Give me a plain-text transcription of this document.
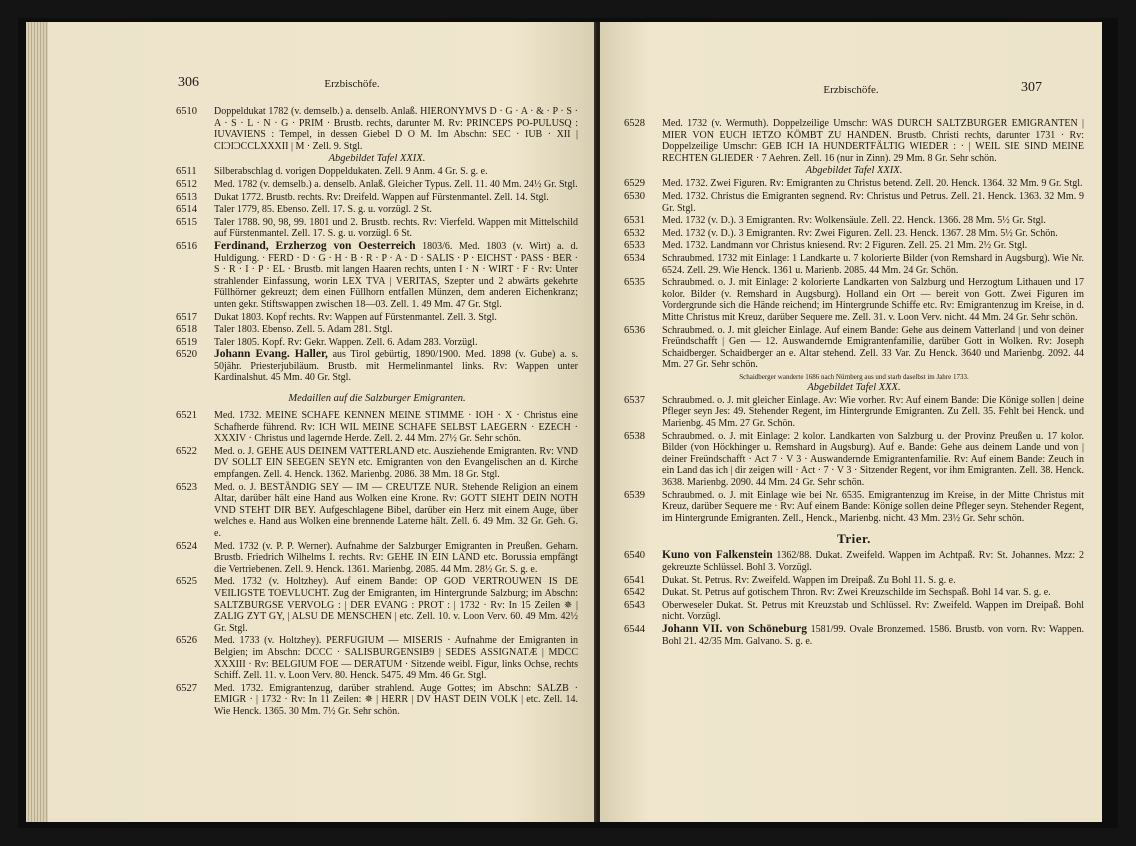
306	Erzbischöfe.
6510 Doppeldukat 1782 (v. demselb.) a. denselb. Anlaß. HIERONYMVS D · G · A · & · P · S · A · S · L · N · G · PRIM · Brustb. rechts, darunter M. Rv: PRINCEPS PO-PULUSQ : IUVAVIENS : Tempel, in dessen Giebel D O M. Im Abschn: SEC · IUB · XII | CIƆIƆCCLXXXII | M · Zell. 9. Stgl.
Abgebildet Tafel XXIX.
6511 Silberabschlag d. vorigen Doppeldukaten. Zell. 9 Anm. 4 Gr. S. g. e.
6512 Med. 1782 (v. demselb.) a. denselb. Anlaß. Gleicher Typus. Zell. 11. 40 Mm. 24½ Gr. Stgl.
6513 Dukat 1772. Brustb. rechts. Rv: Dreifeld. Wappen auf Fürstenmantel. Zell. 14. Stgl.
6514 Taler 1779, 85. Ebenso. Zell. 17. S. g. u. vorzügl. 2 St.
6515 Taler 1788. 90, 98, 99. 1801 und 2. Brustb. rechts. Rv: Vierfeld. Wappen mit Mittelschild auf Fürstenmantel. Zell. 17. S. g. u. vorzügl. 6 St.
6516 Ferdinand, Erzherzog von Oesterreich 1803/6. Med. 1803 (v. Wirt) a. d. Huldigung. · FERD · D · G · H · B · R · P · A · D · SALIS · P · EICHST · PASS · BER · S · R · I · P · EL · Brustb. mit langen Haaren rechts, unten I · N · WIRT · F · Rv: Unter strahlender Einfassung, worin LEX TVA | VERITAS, Szepter und 2 abwärts gekehrte Füllhörner gekreuzt; dem einen Füllhorn entfallen Münzen, dem anderen Eichenkranz; unten gekr. Stiftswappen zwischen 18—03. Zell. 1. 49 Mm. 47 Gr. Stgl.
6517 Dukat 1803. Kopf rechts. Rv: Wappen auf Fürstenmantel. Zell. 3. Stgl.
6518 Taler 1803. Ebenso. Zell. 5. Adam 281. Stgl.
6519 Taler 1805. Kopf. Rv: Gekr. Wappen. Zell. 6. Adam 283. Vorzügl.
6520 Johann Evang. Haller, aus Tirol gebürtig, 1890/1900. Med. 1898 (v. Gube) a. s. 50jähr. Priesterjubiläum. Brustb. mit Hermelinmantel links. Rv: Wappen unter Kardinalshut. 45 Mm. 40 Gr. Stgl.
Medaillen auf die Salzburger Emigranten.
6521 Med. 1732. MEINE SCHAFE KENNEN MEINE STIMME · IOH · X · Christus eine Schafherde führend. Rv: ICH WIL MEINE SCHAFE SELBST LAEGERN · EZECH · XXXIV · Christus und lagernde Herde. Zell. 2. 44 Mm. 27½ Gr. Sehr schön.
6522 Med. o. J. GEHE AUS DEINEM VATTERLAND etc. Ausziehende Emigranten. Rv: VND DV SOLLT EIN SEEGEN SEYN etc. Emigranten von den Evangelischen an d. Kirche empfangen. Zell. 4. Henck. 1362. Marienbg. 2086. 38 Mm. 18 Gr. Stgl.
6523 Med. o. J. BESTÄNDIG SEY — IM — CREUTZE NUR. Stehende Religion an einem Altar, darüber hält eine Hand aus Wolken eine Krone. Rv: GOTT SIEHT DEIN NOTH VND STEHT DIR BEY. Aufgeschlagene Bibel, darüber ein Herz mit einem Auge, über welches e. Hand aus Wolken eine brennende Laterne hält. Zell. 6. 49 Mm. 32 Gr. Geh. G. e.
6524 Med. 1732 (v. P. P. Werner). Aufnahme der Salzburger Emigranten in Preußen. Geharn. Brustb. Friedrich Wilhelms I. rechts. Rv: GEHE IN EIN LAND etc. Borussia empfängt die Vertriebenen. Zell. 9. Henck. 1361. Marienbg. 2085. 44 Mm. 28½ Gr. S. g. e.
6525 Med. 1732 (v. Holtzhey). Auf einem Bande: OP GOD VERTROUWEN IS DE VEILIGSTE TOEVLUCHT. Zug der Emigranten, im Hintergrunde Salzburg; im Abschn: SALTZBURGSE VERVOLG : | DER EVANG : PROT : | 1732 · Rv: In 15 Zeilen ✵ | ZALIG ZYT GY, | ALSU DE MENSCHEN | etc. Zell. 10. v. Loon Verv. 60. 49 Mm. 42½ Gr. Stgl.
6526 Med. 1733 (v. Holtzhey). PERFUGIUM — MISERIS · Aufnahme der Emigranten in Belgien; im Abschn: DCCC · SALISBURGENSIB9 | SEDES ASSIGNATÆ | MDCC XXXIII · Rv: BELGIUM FOE — DERATUM · Sitzende weibl. Figur, links Ochse, rechts Schiff. Zell. 11. v. Loon Verv. 80. Henck. 5475. 49 Mm. 46 Gr. Stgl.
6527 Med. 1732. Emigrantenzug, darüber strahlend. Auge Gottes; im Abschn: SALZB · EMIGR · | 1732 · Rv: In 11 Zeilen: ✵ | HERR | DV HAST DEIN VOLK | etc. Zell. 14. Wie Henck. 1365. 30 Mm. 7½ Gr. Sehr schön.
Erzbischöfe.	307
6528 Med. 1732 (v. Wermuth). Doppelzeilige Umschr: WAS DURCH SALTZBURGER EMIGRANTEN | MIER VON EUCH IETZO KÖMBT ZU HANDEN. Brustb. Christi rechts, darunter 1731 · Rv: Doppelzeilige Umschr: GEB ICH IA HUNDERTFÄLTIG WIEDER : · | WEIL SIE SIND MEINE RECHTEN GLIEDER · 7 Aehren. Zell. 16 (nur in Zinn). 29 Mm. 8 Gr. Sehr schön.
Abgebildet Tafel XXIX.
6529 Med. 1732. Zwei Figuren. Rv: Emigranten zu Christus betend. Zell. 20. Henck. 1364. 32 Mm. 9 Gr. Stgl.
6530 Med. 1732. Christus die Emigranten segnend. Rv: Christus und Petrus. Zell. 21. Henck. 1363. 32 Mm. 9 Gr. Stgl.
6531 Med. 1732 (v. D.). 3 Emigranten. Rv: Wolkensäule. Zell. 22. Henck. 1366. 28 Mm. 5½ Gr. Stgl.
6532 Med. 1732 (v. D.). 3 Emigranten. Rv: Zwei Figuren. Zell. 23. Henck. 1367. 28 Mm. 5½ Gr. Schön.
6533 Med. 1732. Landmann vor Christus kniesend. Rv: 2 Figuren. Zell. 25. 21 Mm. 2½ Gr. Stgl.
6534 Schraubmed. 1732 mit Einlage: 1 Landkarte u. 7 kolorierte Bilder (von Remshard in Augsburg). Wie Nr. 6524. Zell. 29. Wie Henck. 1361 u. Marienb. 2085. 44 Mm. 24 Gr. Schön.
6535 Schraubmed. o. J. mit Einlage: 2 kolorierte Landkarten von Salzburg und Herzogtum Lithauen und 17 kolor. Bilder (v. Remshard in Augsburg). Holland ein Ort — bereit von Gott. Zwei Figuren im Vordergrunde sich die Hände reichend; im Hintergrunde Schiffe etc. Rv: Emigrantenzug im Kreise, in d. Mitte Christus mit Kreuz, darüber Sequere me. Zell. 31. v. Loon Verv. nicht. 44 Mm. 24 Gr. Sehr schön.
6536 Schraubmed. o. J. mit gleicher Einlage. Auf einem Bande: Gehe aus deinem Vatterland | und von deiner Freündschafft | Gen — 12. Auswandernde Emigrantenfamilie, darüber Gott in Wolken. Rv: Joseph Schaidberger. Schaidberger an e. Altar stehend. Zell. 33 Var. Zu Henck. 3640 und Marienbg. 2092. 44 Mm. 27 Gr. Sehr schön.
Schaidberger wanderte 1686 nach Nürnberg aus und starb daselbst im Jahre 1733.
Abgebildet Tafel XXX.
6537 Schraubmed. o. J. mit gleicher Einlage. Av: Wie vorher. Rv: Auf einem Bande: Die Könige sollen | deine Pfleger seyn Jes: 49. Stehender Regent, im Hintergrunde Emigranten. Zu Zell. 35. Fehlt bei Henck. und Marienbg. 45 Mm. 27 Gr. Schön.
6538 Schraubmed. o. J. mit Einlage: 2 kolor. Landkarten von Salzburg u. der Provinz Preußen u. 17 kolor. Bilder (von Höckhinger u. Remshard in Augsburg). Auf e. Bande: Gehe aus deinem Lande und von | deiner Freündschafft · Act 7 · V 3 · Auswandernde Emigrantenfamilie. Rv: Auf einem Bande: Zeuch in ein Land das ich | dir zeigen will · Act · 7 · V 3 · Sitzender Regent, vor ihm Emigranten. Zell. 38. Henck. 3638. Marienbg. 2090. 44 Mm. 24 Gr. Sehr schön.
6539 Schraubmed. o. J. mit Einlage wie bei Nr. 6535. Emigrantenzug im Kreise, in der Mitte Christus mit Kreuz, darüber Sequere me · Rv: Auf einem Bande: Könige sollen deine Pfleger seyn. Stehender Regent, im Hintergrunde Emigranten. Zell., Henck., Marienbg. nicht. 43 Mm. 23½ Gr. Sehr schön.
Trier.
6540 Kuno von Falkenstein 1362/88. Dukat. Zweifeld. Wappen im Achtpaß. Rv: St. Johannes. Mzz: 2 gekreuzte Schlüssel. Bohl 3. Vorzügl.
6541 Dukat. St. Petrus. Rv: Zweifeld. Wappen im Dreipaß. Zu Bohl 11. S. g. e.
6542 Dukat. St. Petrus auf gotischem Thron. Rv: Zwei Kreuzschilde im Sechspaß. Bohl 14 var. S. g. e.
6543 Oberweseler Dukat. St. Petrus mit Kreuzstab und Schlüssel. Rv: Zweifeld. Wappen im Dreipaß. Bohl nicht. Vorzügl.
6544 Johann VII. von Schöneburg 1581/99. Ovale Bronzemed. 1586. Brustb. von vorn. Rv: Wappen. Bohl 21. 42/35 Mm. Galvano. S. g. e.
